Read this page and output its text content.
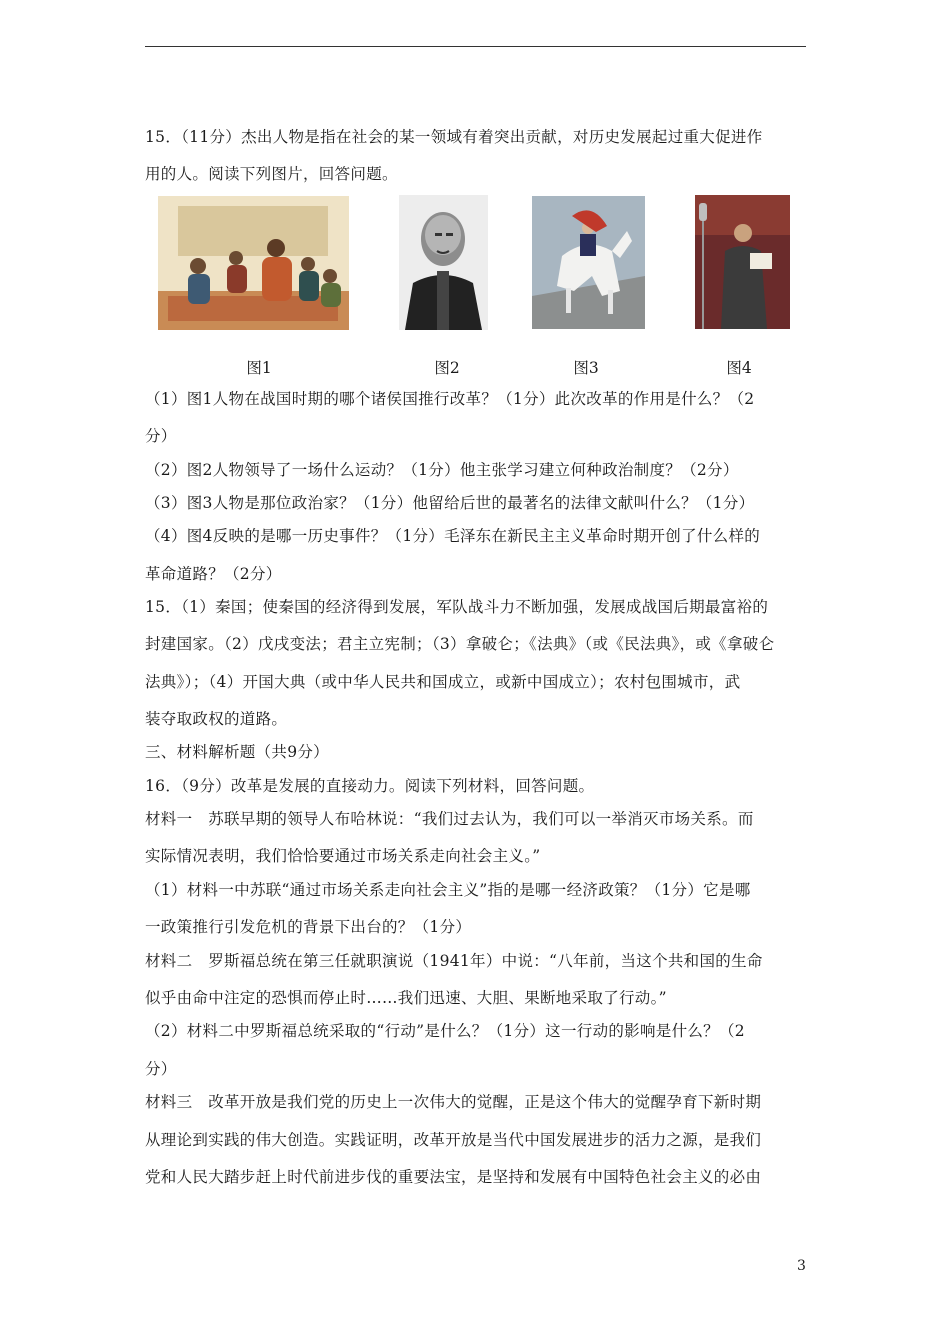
15．（11分）杰出人物是指在社会的某一领域有着突出贡献，对历史发展起过重大促进作
用的人。阅读下列图片，回答问题。
图1	图2	图3	图4
（1）图1人物在战国时期的哪个诸侯国推行改革？（1分）此次改革的作用是什么？（2
分）
（2）图2人物领导了一场什么运动？（1分）他主张学习建立何种政治制度？（2分）
（3）图3人物是那位政治家？（1分）他留给后世的最著名的法律文献叫什么？（1分）
（4）图4反映的是哪一历史事件？（1分）毛泽东在新民主主义革命时期开创了什么样的
革命道路？（2分）
15．（1）秦国；使秦国的经济得到发展，军队战斗力不断加强，发展成战国后期最富裕的
封建国家。（2）戊戌变法；君主立宪制；（3）拿破仑；《法典》（或《民法典》，或《拿破仑
法典》）；（4）开国大典（或中华人民共和国成立，或新中国成立）；农村包围城市，武
装夺取政权的道路。
三、材料解析题（共9分）
16．（9分）改革是发展的直接动力。阅读下列材料，回答问题。
材料一　苏联早期的领导人布哈林说：“我们过去认为，我们可以一举消灭市场关系。而
实际情况表明，我们恰恰要通过市场关系走向社会主义。”
（1）材料一中苏联“通过市场关系走向社会主义”指的是哪一经济政策？（1分）它是哪
一政策推行引发危机的背景下出台的？（1分）
材料二　罗斯福总统在第三任就职演说（1941年）中说：“八年前，当这个共和国的生命
似乎由命中注定的恐惧而停止时……我们迅速、大胆、果断地采取了行动。”
（2）材料二中罗斯福总统采取的“行动”是什么？（1分）这一行动的影响是什么？（2
分）
材料三　改革开放是我们党的历史上一次伟大的觉醒，正是这个伟大的觉醒孕育下新时期
从理论到实践的伟大创造。实践证明，改革开放是当代中国发展进步的活力之源，是我们
党和人民大踏步赶上时代前进步伐的重要法宝，是坚持和发展有中国特色社会主义的必由
3
